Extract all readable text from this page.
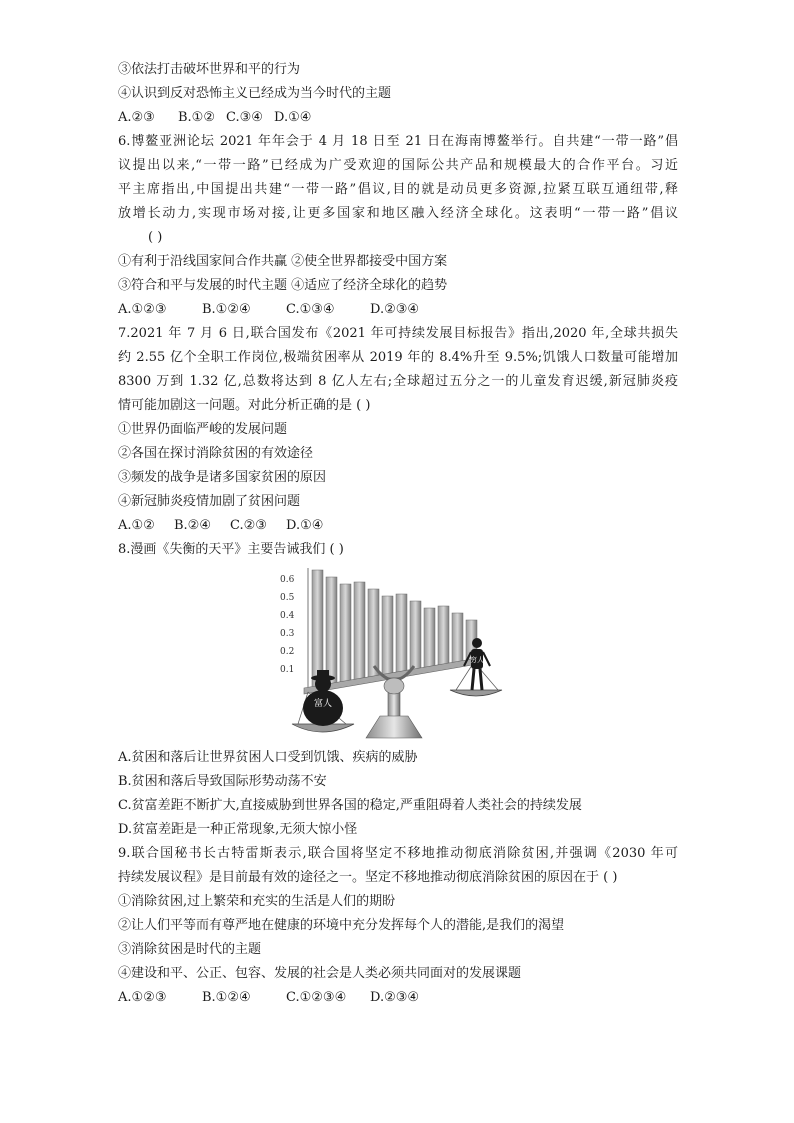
③依法打击破坏世界和平的行为
④认识到反对恐怖主义已经成为当今时代的主题
A.②③ B.①② C.③④ D.①④
6.博鳌亚洲论坛 2021 年年会于 4 月 18 日至 21 日在海南博鳌举行。自共建“一带一路”倡
议提出以来,“一带一路”已经成为广受欢迎的国际公共产品和规模最大的合作平台。习近
平主席指出,中国提出共建“一带一路”倡议,目的就是动员更多资源,拉紧互联互通纽带,释
放增长动力,实现市场对接,让更多国家和地区融入经济全球化。这表明“一带一路”倡议
( )
①有利于沿线国家间合作共赢 ②使全世界都接受中国方案
③符合和平与发展的时代主题 ④适应了经济全球化的趋势
A.①②③	B.①②④	C.①③④	D.②③④
7.2021 年 7 月 6 日,联合国发布《2021 年可持续发展目标报告》指出,2020 年,全球共损失
约 2.55 亿个全职工作岗位,极端贫困率从 2019 年的 8.4%升至 9.5%;饥饿人口数量可能增加
8300 万到 1.32 亿,总数将达到 8 亿人左右;全球超过五分之一的儿童发育迟缓,新冠肺炎疫
情可能加剧这一问题。对此分析正确的是 ( )
①世界仍面临严峻的发展问题
②各国在探讨消除贫困的有效途径
③频发的战争是诸多国家贫困的原因
④新冠肺炎疫情加剧了贫困问题
A.①② B.②④ C.②③ D.①④
8.漫画《失衡的天平》主要告诫我们 ( )
0.6
0.5
0.4
0.3
0.2
0.1
富人
穷人
A.贫困和落后让世界贫困人口受到饥饿、疾病的威胁
B.贫困和落后导致国际形势动荡不安
C.贫富差距不断扩大,直接威胁到世界各国的稳定,严重阻碍着人类社会的持续发展
D.贫富差距是一种正常现象,无须大惊小怪
9.联合国秘书长古特雷斯表示,联合国将坚定不移地推动彻底消除贫困,并强调《2030 年可
持续发展议程》是目前最有效的途径之一。坚定不移地推动彻底消除贫困的原因在于 ( )
①消除贫困,过上繁荣和充实的生活是人们的期盼
②让人们平等而有尊严地在健康的环境中充分发挥每个人的潜能,是我们的渴望
③消除贫困是时代的主题
④建设和平、公正、包容、发展的社会是人类必须共同面对的发展课题
A.①②③	B.①②④	C.①②③④ D.②③④
